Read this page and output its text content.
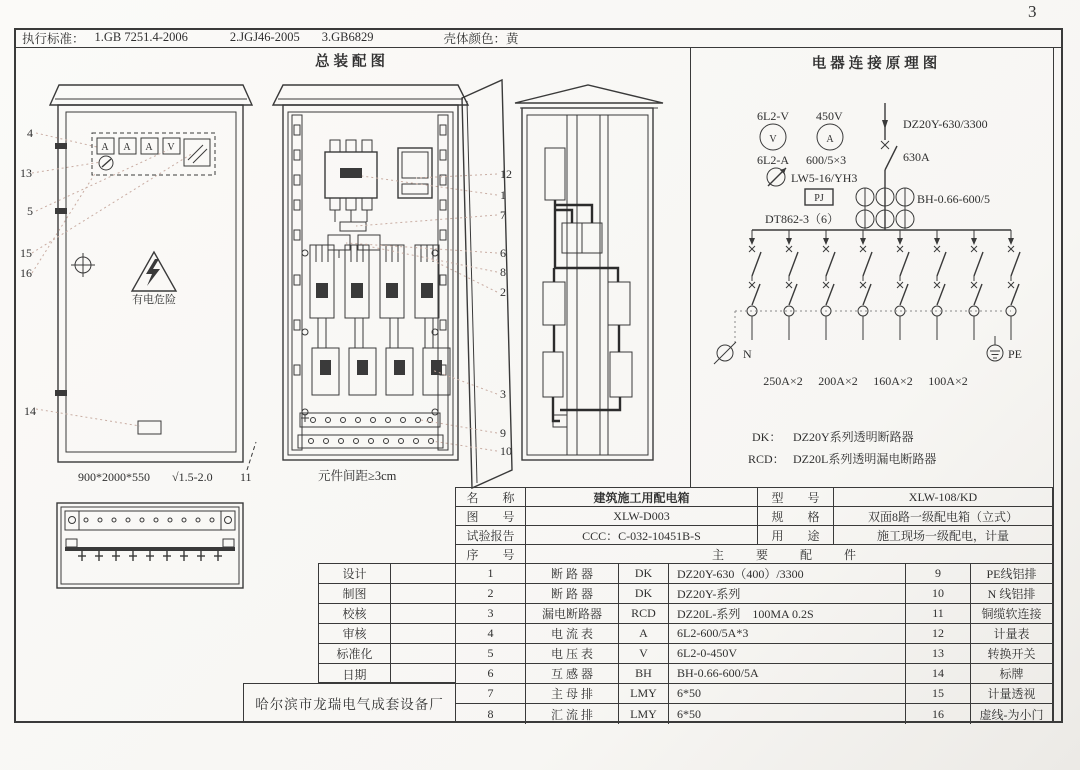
3
执行标准： 1.GB 7251.4-2006	2.JGJ46-2005 3.GB6829	壳体颜色： 黄
总装配图	电器连接原理图
A A A V
有电危险
900*2000*550 √1.5-2.0 11
4
13
5
15
16
14
元件间距≥3cm
12
1
7
6
8
2
3
9
10
6L2-V 450V
V	A
6L2-A 600/5×3
LW5-16/YH3
PJ
DT862-3（6）
DZ20Y-630/3300
630A
BH-0.66-600/5
N	PE
250A×2 200A×2 160A×2 100A×2
DK： DZ20Y系列透明断路器
RCD： DZ20L系列透明漏电断路器
名　　称	建筑施工用配电箱	型　　号	XLW-108/KD
图　　号	XLW-D003	规　　格	双面8路一级配电箱（立式）
试验报告	CCC：C-032-10451B-S	用　　途	施工现场一级配电，计量
序　　号	主　要　配　件
1	断 路 器	DK	DZ20Y-630（400）/3300	9	PE线铝排
2	断 路 器	DK	DZ20Y-系列	10	N 线铝排
3	漏电断路器	RCD	DZ20L-系列　100MA 0.2S	11	铜缆软连接
4	电 流 表	A	6L2-600/5A*3	12	计量表
5	电 压 表	V	6L2-0-450V	13	转换开关
6	互 感 器	BH	BH-0.66-600/5A	14	标牌
7	主 母 排	LMY	6*50	15	计量透视
8	汇 流 排	LMY	6*50	16	虚线-为小门
设计
制图
校核
审核
标准化
日期
哈尔滨市龙瑞电气成套设备厂
